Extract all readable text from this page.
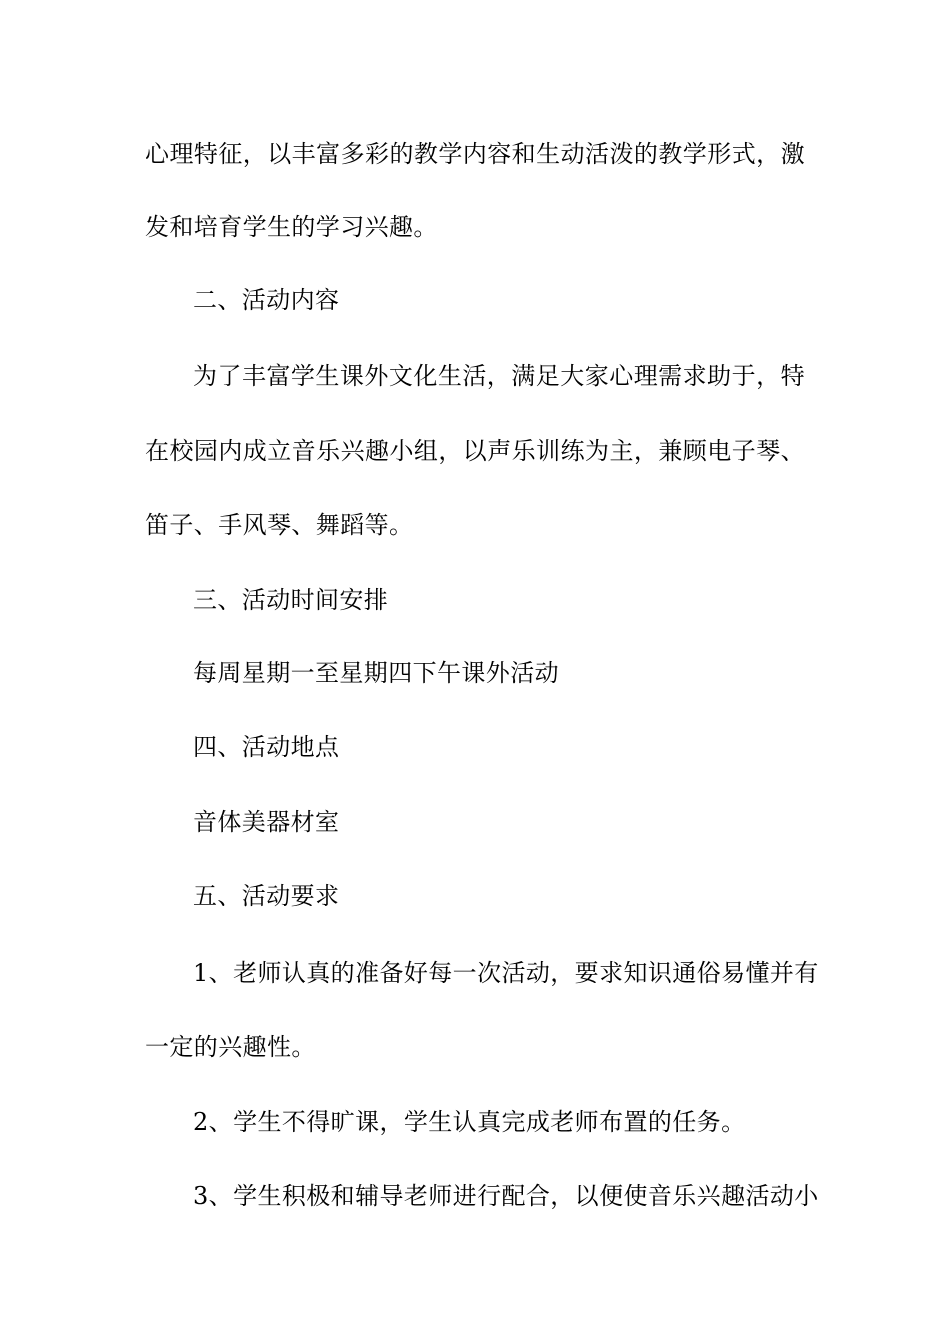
心理特征，以丰富多彩的教学内容和生动活泼的教学形式，激
发和培育学生的学习兴趣。
二、活动内容
为了丰富学生课外文化生活，满足大家心理需求助于，特
在校园内成立音乐兴趣小组，以声乐训练为主，兼顾电子琴、
笛子、手风琴、舞蹈等。
三、活动时间安排
每周星期一至星期四下午课外活动
四、活动地点
音体美器材室
五、活动要求
1、老师认真的准备好每一次活动，要求知识通俗易懂并有
一定的兴趣性。
2、学生不得旷课，学生认真完成老师布置的任务。
3、学生积极和辅导老师进行配合，以便使音乐兴趣活动小
